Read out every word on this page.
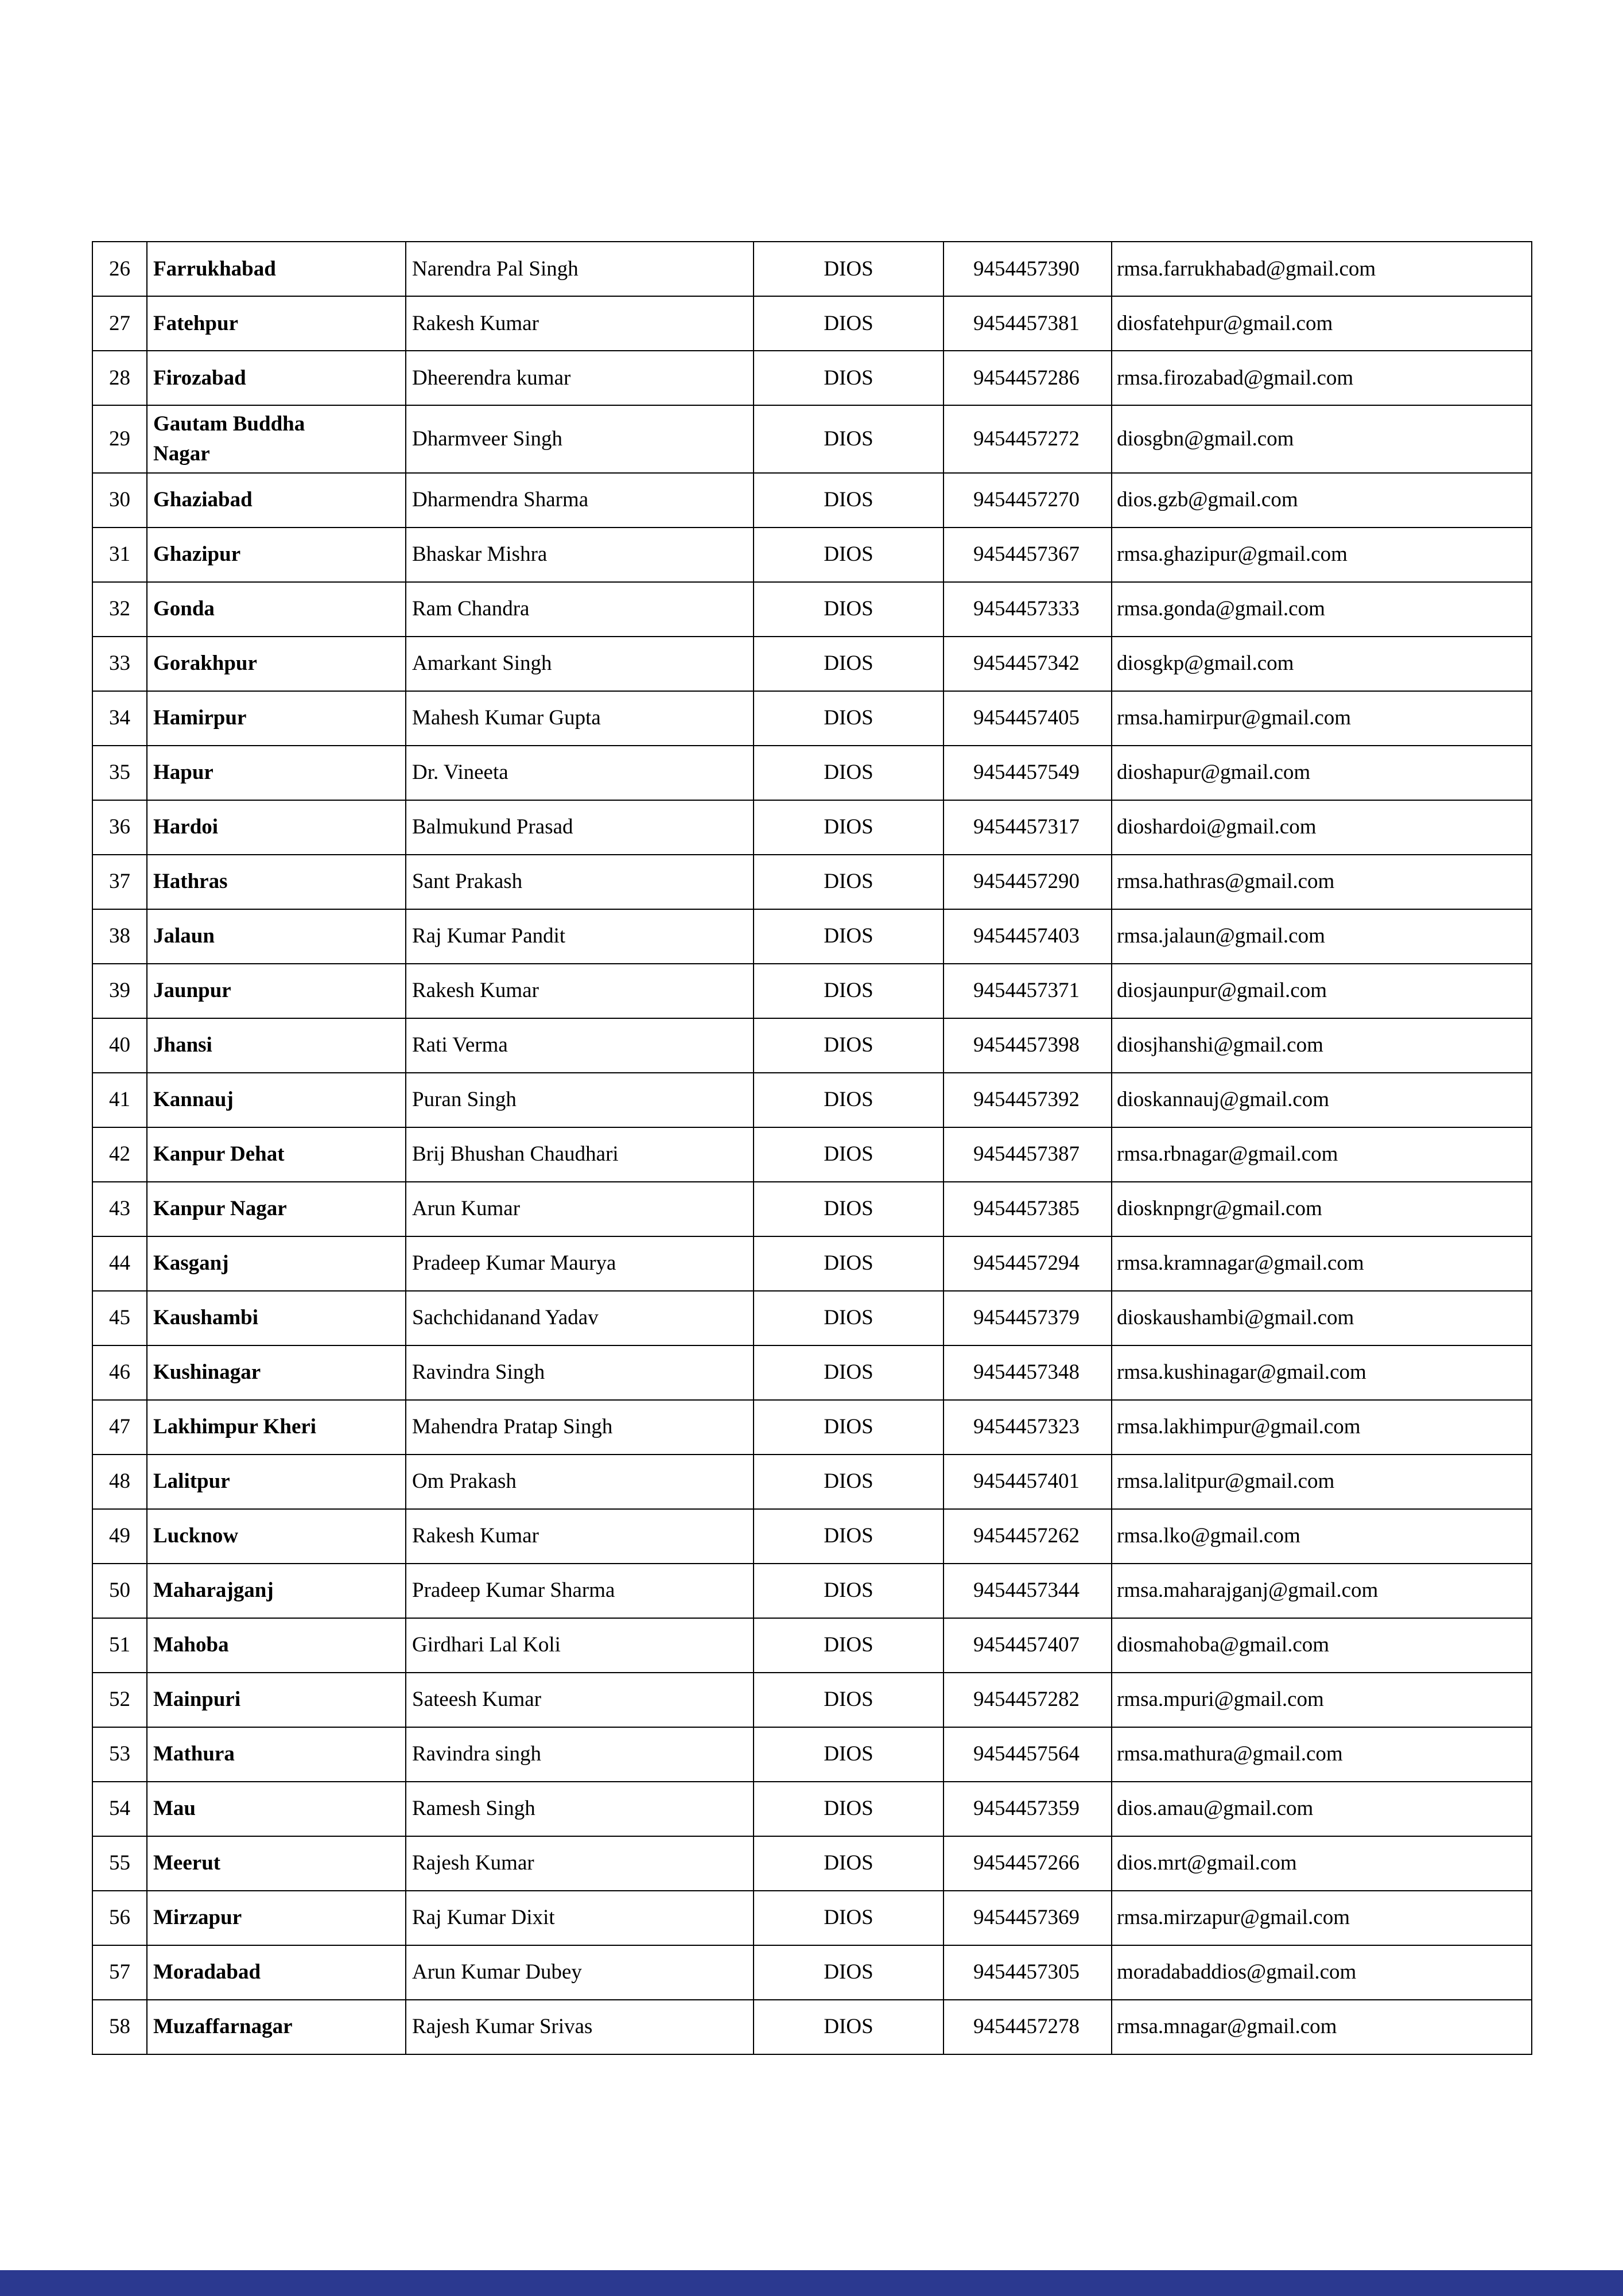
26	Farrukhabad	Narendra Pal Singh	DIOS	9454457390	rmsa.farrukhabad@gmail.com
27	Fatehpur	Rakesh Kumar	DIOS	9454457381	diosfatehpur@gmail.com
28	Firozabad	Dheerendra kumar	DIOS	9454457286	rmsa.firozabad@gmail.com
29	Gautam Buddha Nagar	Dharmveer Singh	DIOS	9454457272	diosgbn@gmail.com
30	Ghaziabad	Dharmendra Sharma	DIOS	9454457270	dios.gzb@gmail.com
31	Ghazipur	Bhaskar Mishra	DIOS	9454457367	rmsa.ghazipur@gmail.com
32	Gonda	Ram Chandra	DIOS	9454457333	rmsa.gonda@gmail.com
33	Gorakhpur	Amarkant Singh	DIOS	9454457342	diosgkp@gmail.com
34	Hamirpur	Mahesh Kumar Gupta	DIOS	9454457405	rmsa.hamirpur@gmail.com
35	Hapur	Dr. Vineeta	DIOS	9454457549	dioshapur@gmail.com
36	Hardoi	Balmukund Prasad	DIOS	9454457317	dioshardoi@gmail.com
37	Hathras	Sant Prakash	DIOS	9454457290	rmsa.hathras@gmail.com
38	Jalaun	Raj Kumar Pandit	DIOS	9454457403	rmsa.jalaun@gmail.com
39	Jaunpur	Rakesh Kumar	DIOS	9454457371	diosjaunpur@gmail.com
40	Jhansi	Rati Verma	DIOS	9454457398	diosjhanshi@gmail.com
41	Kannauj	Puran Singh	DIOS	9454457392	dioskannauj@gmail.com
42	Kanpur Dehat	Brij Bhushan Chaudhari	DIOS	9454457387	rmsa.rbnagar@gmail.com
43	Kanpur Nagar	Arun Kumar	DIOS	9454457385	diosknpngr@gmail.com
44	Kasganj	Pradeep Kumar Maurya	DIOS	9454457294	rmsa.kramnagar@gmail.com
45	Kaushambi	Sachchidanand Yadav	DIOS	9454457379	dioskaushambi@gmail.com
46	Kushinagar	Ravindra Singh	DIOS	9454457348	rmsa.kushinagar@gmail.com
47	Lakhimpur Kheri	Mahendra Pratap Singh	DIOS	9454457323	rmsa.lakhimpur@gmail.com
48	Lalitpur	Om Prakash	DIOS	9454457401	rmsa.lalitpur@gmail.com
49	Lucknow	Rakesh Kumar	DIOS	9454457262	rmsa.lko@gmail.com
50	Maharajganj	Pradeep Kumar Sharma	DIOS	9454457344	rmsa.maharajganj@gmail.com
51	Mahoba	Girdhari Lal Koli	DIOS	9454457407	diosmahoba@gmail.com
52	Mainpuri	Sateesh Kumar	DIOS	9454457282	rmsa.mpuri@gmail.com
53	Mathura	Ravindra singh	DIOS	9454457564	rmsa.mathura@gmail.com
54	Mau	Ramesh Singh	DIOS	9454457359	dios.amau@gmail.com
55	Meerut	Rajesh Kumar	DIOS	9454457266	dios.mrt@gmail.com
56	Mirzapur	Raj Kumar Dixit	DIOS	9454457369	rmsa.mirzapur@gmail.com
57	Moradabad	Arun Kumar Dubey	DIOS	9454457305	moradabaddios@gmail.com
58	Muzaffarnagar	Rajesh Kumar Srivas	DIOS	9454457278	rmsa.mnagar@gmail.com
